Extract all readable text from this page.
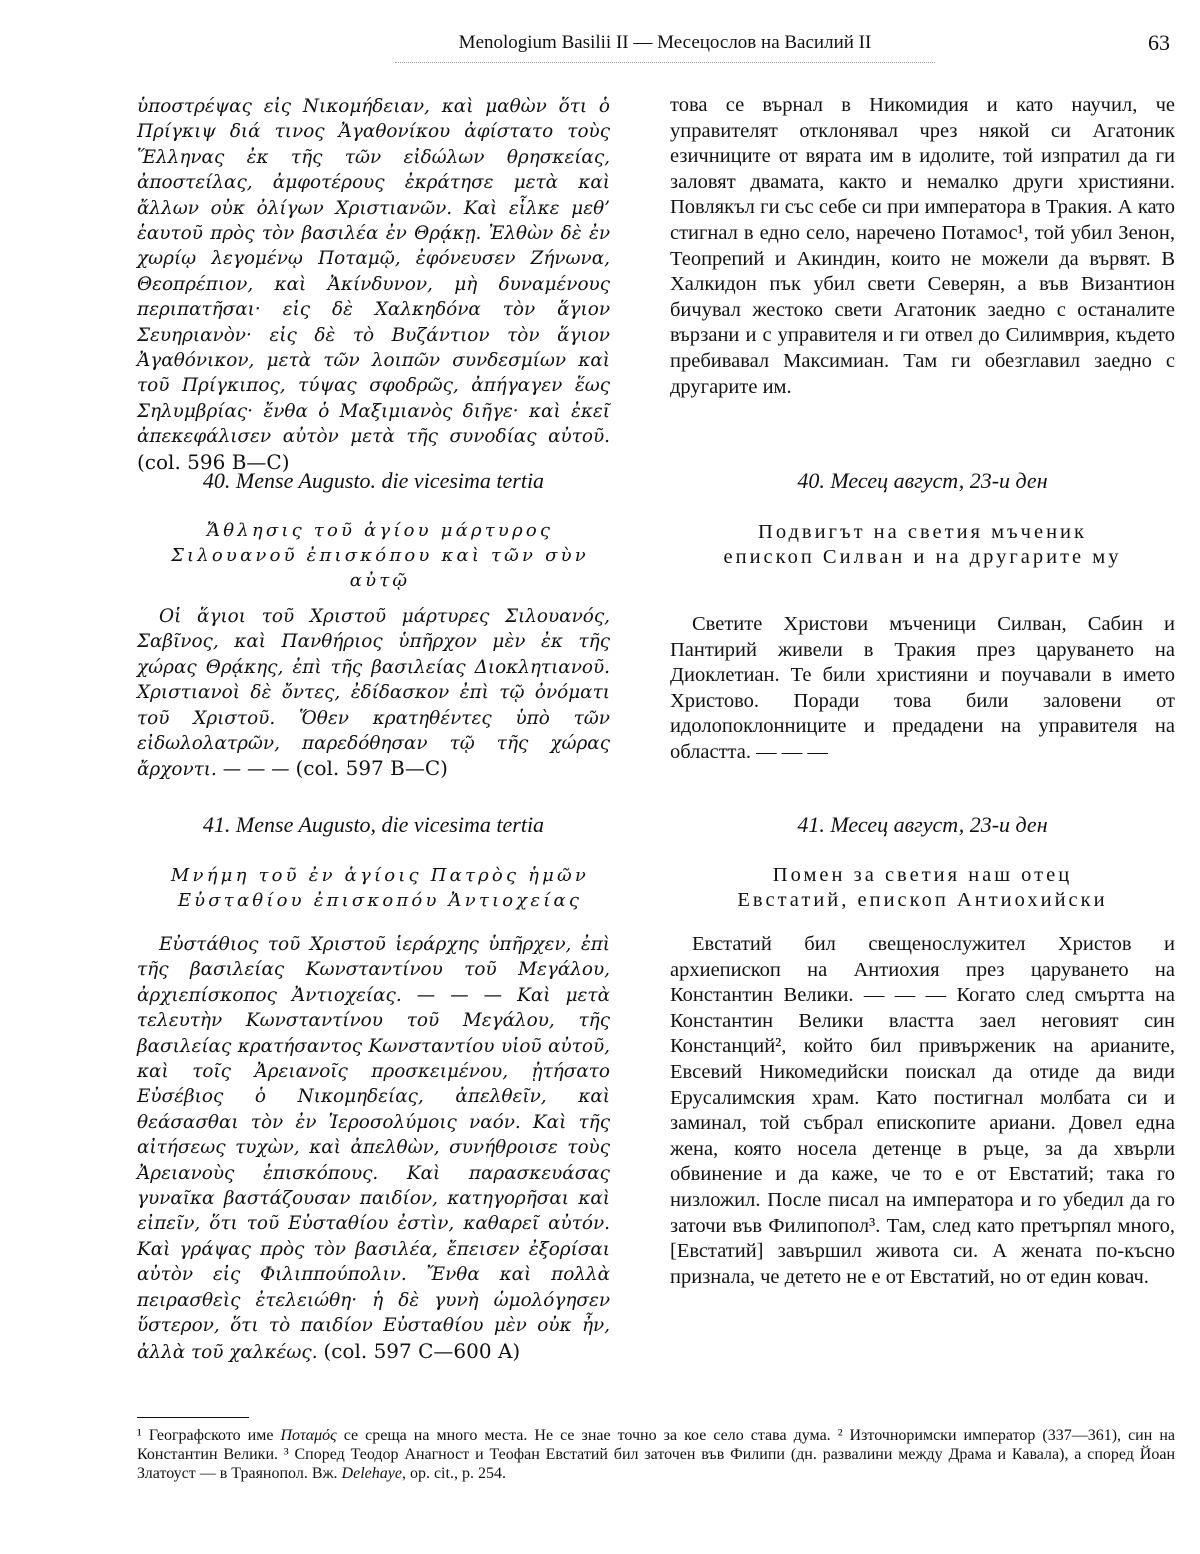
Menologium Basilii II — Месецослов на Василий II	63

ὑποστρέψας εἰς Νικομήδειαν, καὶ μαθὼν ὅτι ὁ Πρίγκιψ διά τινος Ἀγαθονίκου ἀφίστατο τοὺς Ἕλληνας ἐκ τῆς τῶν εἰδώλων θρησκείας, ἀποστείλας, ἀμφοτέρους ἐκράτησε μετὰ καὶ ἄλλων οὐκ ὀλίγων Χριστιανῶν. Καὶ εἷλκε μεθ’ ἑαυτοῦ πρὸς τὸν βασιλέα ἐν Θρᾴκῃ. Ἐλθὼν δὲ ἐν χωρίῳ λεγομένῳ Ποταμῷ, ἐφόνευσεν Ζήνωνα, Θεοπρέπιον, καὶ Ἀκίνδυνον, μὴ δυναμένους περιπατῆσαι· εἰς δὲ Χαλκηδόνα τὸν ἅγιον Σευηριανὸν· εἰς δὲ τὸ Βυζάντιον τὸν ἅγιον Ἀγαθόνικον, μετὰ τῶν λοιπῶν συνδεσμίων καὶ τοῦ Πρίγκιπος, τύψας σφοδρῶς, ἀπήγαγεν ἕως Σηλυμβρίας· ἔνθα ὁ Μαξιμιανὸς διῆγε· καὶ ἐκεῖ ἀπεκεφάλισεν αὐτὸν μετὰ τῆς συνοδίας αὐτοῦ. (col. 596 B—C)

това се върнал в Никомидия и като научил, че управителят отклонявал чрез някой си Агатоник езичниците от вярата им в идолите, той изпратил да ги заловят двамата, както и немалко други християни. Повлякъл ги със себе си при императора в Тракия. А като стигнал в едно село, наречено Потамос¹, той убил Зенон, Теопрепий и Акиндин, които не можели да вървят. В Халкидон пък убил свети Северян, а във Византион бичувал жестоко свети Агатоник заедно с останалите вързани и с управителя и ги отвел до Силимврия, където пребивавал Максимиан. Там ги обезглавил заедно с другарите им.

40. Mense Augusto. die vicesima tertia	40. Месец август, 23-и ден
Ἄθλησις τοῦ ἁγίου μάρτυρος Σιλουανοῦ ἐπισκόπου καὶ τῶν σὺν αὐτῷ
Подвигът на светия мъченик
епископ Силван и на другарите му

Οἱ ἅγιοι τοῦ Χριστοῦ μάρτυρες Σιλουανός, Σαβῖνος, καὶ Πανθήριος ὑπῆρχον μὲν ἐκ τῆς χώρας Θρᾴκης, ἐπὶ τῆς βασιλείας Διοκλητιανοῦ. Χριστιανοὶ δὲ ὄντες, ἐδίδασκον ἐπὶ τῷ ὀνόματι τοῦ Χριστοῦ. Ὅθεν κρατηθέντες ὑπὸ τῶν εἰδωλολατρῶν, παρεδόθησαν τῷ τῆς χώρας ἄρχοντι. — — — (col. 597 B—C)

Светите Христови мъченици Силван, Сабин и Пантирий живели в Тракия през царуването на Диоклетиан. Те били християни и поучавали в името Христово. Поради това били заловени от идолопоклонниците и предадени на управителя на областта. — — —

41. Mense Augusto, die vicesima tertia	41. Месец август, 23-и ден
Μνήμη τοῦ ἐν ἁγίοις Πατρὸς ἡμῶν Εὐσταθίου ἐπισκοπόυ Ἀντιοχείας
Помен за светия наш отец
Евстатий, епископ Антиохийски

Εὐστάθιος τοῦ Χριστοῦ ἱεράρχης ὑπῆρχεν, ἐπὶ τῆς βασιλείας Κωνσταντίνου τοῦ Μεγάλου, ἀρχιεπίσκοπος Ἀντιοχείας. — — — Καὶ μετὰ τελευτὴν Κωνσταντίνου τοῦ Μεγάλου, τῆς βασιλείας κρατήσαντος Κωνσταντίου υἱοῦ αὐτοῦ, καὶ τοῖς Ἀρειανοῖς προσκειμένου, ᾐτήσατο Εὐσέβιος ὁ Νικομηδείας, ἀπελθεῖν, καὶ θεάσασθαι τὸν ἐν Ἱεροσολύμοις ναόν. Καὶ τῆς αἰτήσεως τυχὼν, καὶ ἀπελθὼν, συνήθροισε τοὺς Ἀρειανοὺς ἐπισκόπους. Καὶ παρασκευάσας γυναῖκα βαστάζουσαν παιδίον, κατηγορῆσαι καὶ εἰπεῖν, ὅτι τοῦ Εὐσταθίου ἐστὶν, καθαρεῖ αὐτόν. Καὶ γράψας πρὸς τὸν βασιλέα, ἔπεισεν ἐξορίσαι αὐτὸν εἰς Φιλιππούπολιν. Ἔνθα καὶ πολλὰ πειρασθεὶς ἐτελειώθη· ἡ δὲ γυνὴ ὡμολόγησεν ὕστερον, ὅτι τὸ παιδίον Εὐσταθίου μὲν οὐκ ἦν, ἀλλὰ τοῦ χαλκέως. (col. 597 C—600 A)

Евстатий бил свещенослужител Христов и архиепископ на Антиохия през царуването на Константин Велики. — — — Когато след смъртта на Константин Велики властта заел неговият син Констанций², който бил привърженик на арианите, Евсевий Никомедийски поискал да отиде да види Ерусалимския храм. Като постигнал молбата си и заминал, той събрал епископите ариани. Довел една жена, която носела детенце в ръце, за да хвърли обвинение и да каже, че то е от Евстатий; така го низложил. После писал на императора и го убедил да го заточи във Филипопол³. Там, след като претърпял много, [Евстатий] завършил живота си. А жената по-късно признала, че детето не е от Евстатий, но от един ковач.

¹ Географското име Ποταμός се среща на много места. Не се знае точно за кое село става дума. ² Източноримски император (337—361), син на Константин Велики. ³ Според Теодор Анагност и Теофан Евстатий бил заточен във Филипи (дн. развалини между Драма и Кавала), а според Йоан Златоуст — в Траянопол. Вж. Delehaye, op. cit., p. 254.
